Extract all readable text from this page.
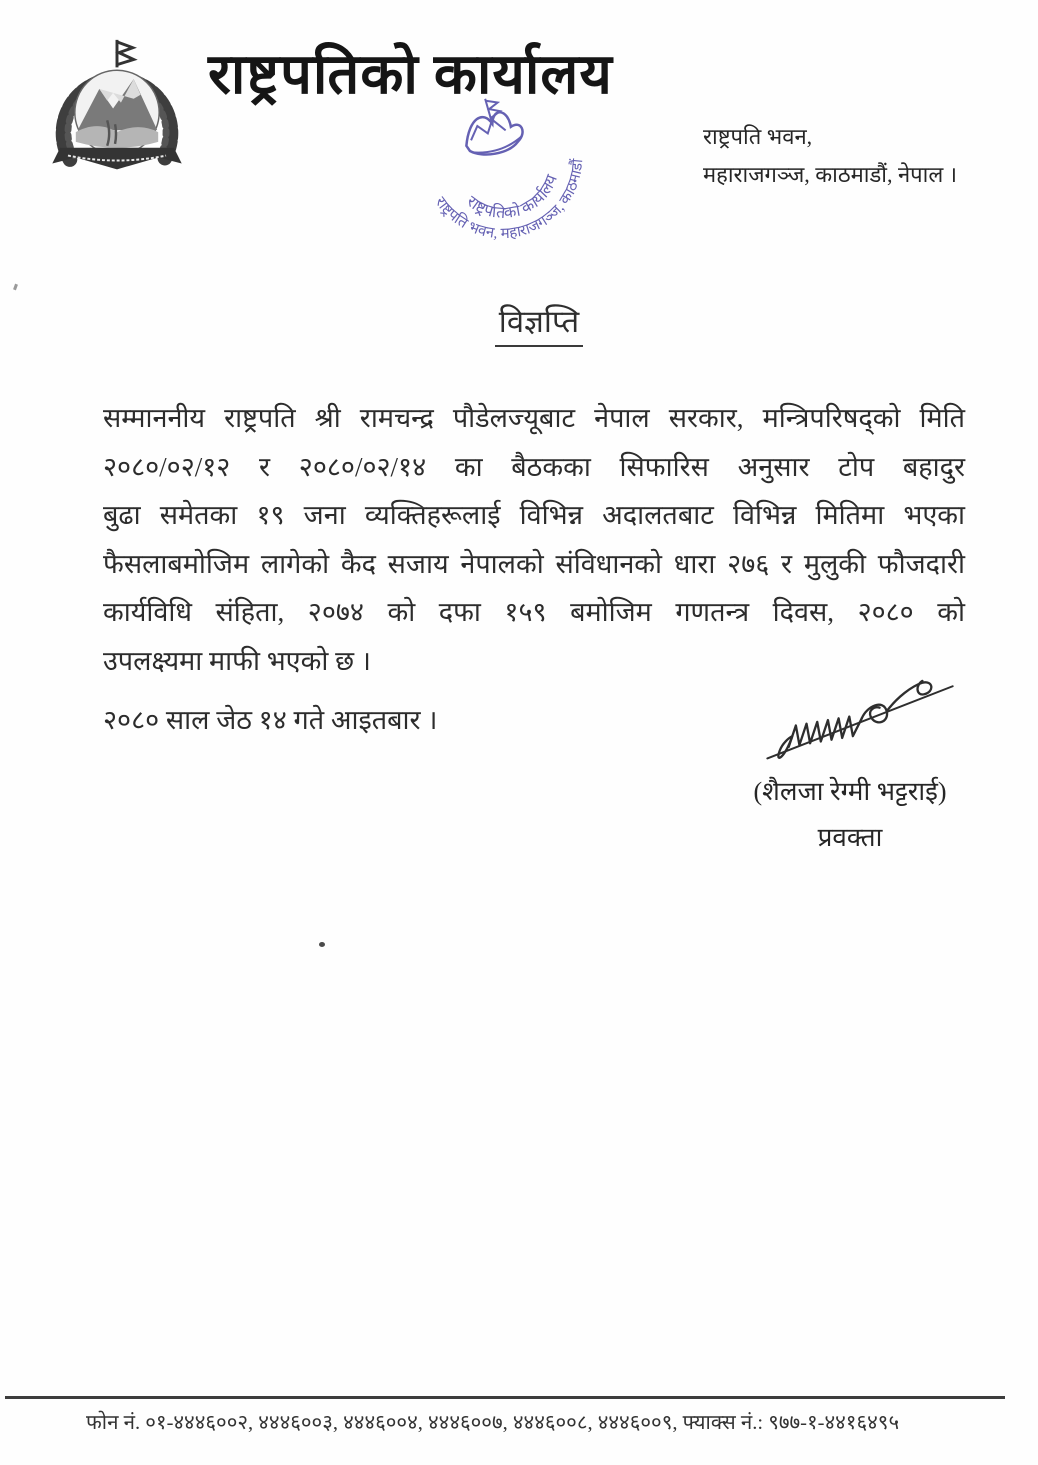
राष्ट्रपतिको कार्यालय
राष्ट्रपति भवन, महाराजगञ्ज, काठमाडौं
राष्ट्रपतिको कार्यालय
राष्ट्रपति भवन,
महाराजगञ्ज, काठमाडौं, नेपाल ।
विज्ञप्ति
सम्माननीय राष्ट्रपति श्री रामचन्द्र पौडेलज्यूबाट नेपाल सरकार, मन्त्रिपरिषद्को मिति
२०८०/०२/१२ र २०८०/०२/१४ का बैठकका सिफारिस अनुसार टोप बहादुर
बुढा समेतका १९ जना व्यक्तिहरूलाई विभिन्न अदालतबाट विभिन्न मितिमा भएका
फैसलाबमोजिम लागेको कैद सजाय नेपालको संविधानको धारा २७६ र मुलुकी फौजदारी
कार्यविधि संहिता, २०७४ को दफा १५९ बमोजिम गणतन्त्र दिवस, २०८० को
उपलक्ष्यमा माफी भएको छ ।
२०८० साल जेठ १४ गते आइतबार ।
(शैलजा रेग्मी भट्टराई)
प्रवक्ता
फोन नं. ०१-४४४६००२, ४४४६००३, ४४४६००४, ४४४६००७, ४४४६००८, ४४४६००९, फ्याक्स नं.: ९७७-१-४४१६४९५
